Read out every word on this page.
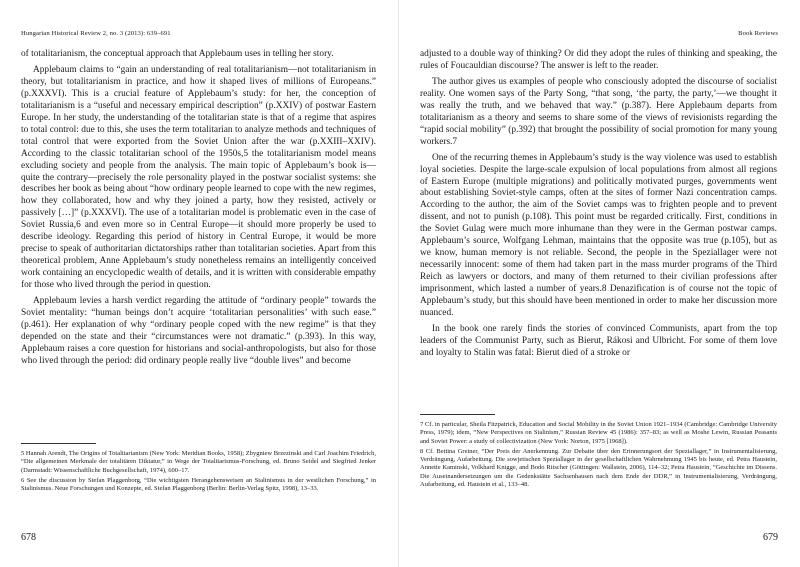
Hungarian Historical Review 2, no. 3 (2013): 639–691

of totalitarianism, the conceptual approach that Applebaum uses in telling her story.

Applebaum claims to “gain an understanding of real totalitarianism—not totalitarianism in theory, but totalitarianism in practice, and how it shaped lives of millions of Europeans.” (p.XXXVI). This is a crucial feature of Applebaum’s study: for her, the conception of totalitarianism is a “useful and necessary empirical description” (p.XXIV) of postwar Eastern Europe. In her study, the understanding of the totalitarian state is that of a regime that aspires to total control: due to this, she uses the term totalitarian to analyze methods and techniques of total control that were exported from the Soviet Union after the war (p.XXIII–XXIV). According to the classic totalitarian school of the 1950s,5 the totalitarianism model means excluding society and people from the analysis. The main topic of Applebaum’s book is—quite the contrary—precisely the role personality played in the postwar socialist systems: she describes her book as being about “how ordinary people learned to cope with the new regimes, how they collaborated, how and why they joined a party, how they resisted, actively or passively […]” (p.XXXVI). The use of a totalitarian model is problematic even in the case of Soviet Russia,6 and even more so in Central Europe—it should more properly be used to describe ideology. Regarding this period of history in Central Europe, it would be more precise to speak of authoritarian dictatorships rather than totalitarian societies. Apart from this theoretical problem, Anne Applebaum’s study nonetheless remains an intelligently conceived work containing an encyclopedic wealth of details, and it is written with considerable empathy for those who lived through the period in question.

Applebaum levies a harsh verdict regarding the attitude of “ordinary people” towards the Soviet mentality: “human beings don’t acquire ‘totalitarian personalities’ with such ease.” (p.461). Her explanation of why “ordinary people coped with the new regime” is that they depended on the state and their “circumstances were not dramatic.” (p.393). In this way, Applebaum raises a core question for historians and social-anthropologists, but also for those who lived through the period: did ordinary people really live “double lives” and become

5 Hannah Arendt, The Origins of Totalitarianism (New York: Meridian Books, 1958); Zbygniew Brzezinski and Carl Joachim Friedrich, “Die allgemeinen Merkmale der totalitären Diktatur,” in Wege der Totalitarismus-Forschung, ed. Bruno Seidel and Siegfried Jenker (Darmstadt: Wissenschaftliche Buchgesellschaft, 1974), 600–17.

6 See the discussion by Stefan Plaggenborg, “Die wichtigsten Herangehensweisen an Stalinismus in der westlichen Forschung,” in Stalinismus. Neue Forschungen und Konzepte, ed. Stefan Plaggenborg (Berlin: Berlin-Verlag Spitz, 1998), 13–33.

678
Book Reviews

adjusted to a double way of thinking? Or did they adopt the rules of thinking and speaking, the rules of Foucauldian discourse? The answer is left to the reader.

The author gives us examples of people who consciously adopted the discourse of socialist reality. One women says of the Party Song, “that song, ‘the party, the party,’—we thought it was really the truth, and we behaved that way.” (p.387). Here Applebaum departs from totalitarianism as a theory and seems to share some of the views of revisionists regarding the “rapid social mobility” (p.392) that brought the possibility of social promotion for many young workers.7

One of the recurring themes in Applebaum’s study is the way violence was used to establish loyal societies. Despite the large-scale expulsion of local populations from almost all regions of Eastern Europe (multiple migrations) and politically motivated purges, governments went about establishing Soviet-style camps, often at the sites of former Nazi concentration camps. According to the author, the aim of the Soviet camps was to frighten people and to prevent dissent, and not to punish (p.108). This point must be regarded critically. First, conditions in the Soviet Gulag were much more inhumane than they were in the German postwar camps. Applebaum’s source, Wolfgang Lehman, maintains that the opposite was true (p.105), but as we know, human memory is not reliable. Second, the people in the Speziallager were not necessarily innocent: some of them had taken part in the mass murder programs of the Third Reich as lawyers or doctors, and many of them returned to their civilian professions after imprisonment, which lasted a number of years.8 Denazification is of course not the topic of Applebaum’s study, but this should have been mentioned in order to make her discussion more nuanced.

In the book one rarely finds the stories of convinced Communists, apart from the top leaders of the Communist Party, such as Bierut, Rákosi and Ulbricht. For some of them love and loyalty to Stalin was fatal: Bierut died of a stroke or

7 Cf. in particular, Sheila Fitzpatrick, Education and Social Mobility in the Soviet Union 1921–1934 (Cambridge: Cambridge University Press, 1979); idem, “New Perspectives on Stalinism,” Russian Review 45 (1986): 357–83; as well as Moshe Lewin, Russian Peasants and Soviet Power: a study of collectivization (New York: Norton, 1975 [1968]).

8 Cf. Bettina Greiner, “Der Preis der Anerkennung. Zur Debatte über den Erinnerungsort der Speziallager,” in Instrumentalisierung, Verdrängung, Aufarbeitung. Die sowjetischen Speziallager in der gesellschaftlichen Wahrnehmung 1945 bis heute, ed. Petra Haustein, Annette Kaminski, Volkhard Knigge, and Bodo Ritscher (Göttingen: Wallstein, 2006), 114–32; Petra Haustein, “Geschichte im Dissens. Die Auseinandersetzungen um die Gedenkstätte Sachsenhausen nach dem Ende der DDR,” in Instrumentalisierung, Verdrängung, Aufarbeitung, ed. Haustein et al., 133–48.

679
